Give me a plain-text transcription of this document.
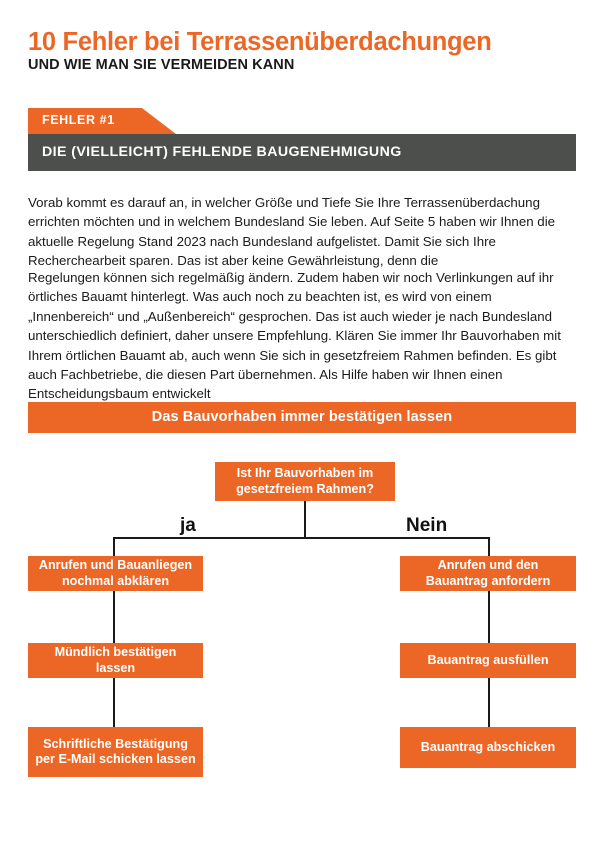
10 Fehler bei Terrassenüberdachungen
UND WIE MAN SIE VERMEIDEN KANN
FEHLER #1
DIE (VIELLEICHT) FEHLENDE BAUGENEHMIGUNG
Vorab kommt es darauf an, in welcher Größe und Tiefe Sie Ihre Terrassenüberdachung errichten möchten und in welchem Bundesland Sie leben. Auf Seite 5 haben wir Ihnen die aktuelle Regelung Stand 2023 nach Bundesland aufgelistet. Damit Sie sich Ihre Recherchearbeit sparen. Das ist aber keine Gewährleistung, denn die
Regelungen können sich regelmäßig ändern. Zudem haben wir noch Verlinkungen auf ihr örtliches Bauamt hinterlegt. Was auch noch zu beachten ist, es wird von einem „Innenbereich“ und „Außenbereich“ gesprochen. Das ist auch wieder je nach Bundesland unterschiedlich definiert, daher unsere Empfehlung. Klären Sie immer Ihr Bauvorhaben mit Ihrem örtlichen Bauamt ab, auch wenn Sie sich in gesetzfreiem Rahmen befinden. Es gibt auch Fachbetriebe, die diesen Part übernehmen. Als Hilfe haben wir Ihnen einen Entscheidungsbaum entwickelt
Das Bauvorhaben immer bestätigen lassen
ja	Nein
Ist Ihr Bauvorhaben im gesetzfreiem Rahmen?
Anrufen und Bauanliegen nochmal abklären
Mündlich bestätigen lassen
Schriftliche Bestätigung per E-Mail schicken lassen
Anrufen und den Bauantrag anfordern
Bauantrag ausfüllen
Bauantrag abschicken
